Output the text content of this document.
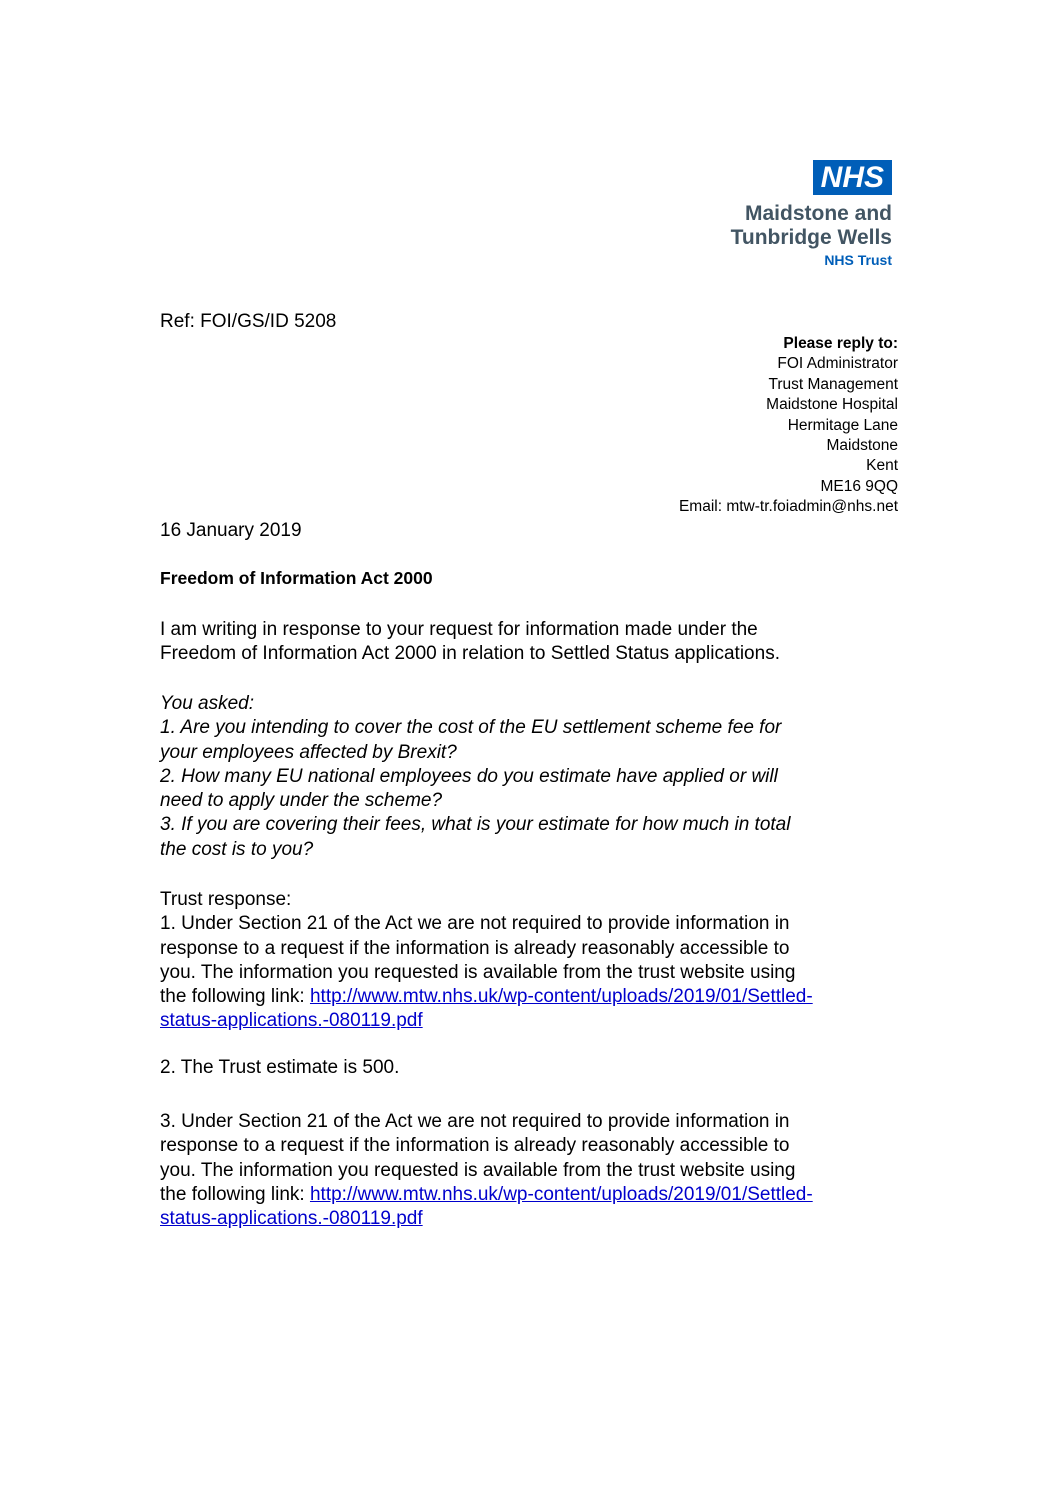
NHS
Maidstone and
Tunbridge Wells
NHS Trust
Ref: FOI/GS/ID 5208
Please reply to:
FOI Administrator
Trust Management
Maidstone Hospital
Hermitage Lane
Maidstone
Kent
ME16 9QQ
Email: mtw-tr.foiadmin@nhs.net
16 January 2019
Freedom of Information Act 2000
I am writing in response to your request for information made under the
Freedom of Information Act 2000 in relation to Settled Status applications.
You asked:
1. Are you intending to cover the cost of the EU settlement scheme fee for
your employees affected by Brexit?
2. How many EU national employees do you estimate have applied or will
need to apply under the scheme?
3. If you are covering their fees, what is your estimate for how much in total
the cost is to you?
Trust response:
1. Under Section 21 of the Act we are not required to provide information in
response to a request if the information is already reasonably accessible to
you. The information you requested is available from the trust website using
the following link: http://www.mtw.nhs.uk/wp-content/uploads/2019/01/Settled-
status-applications.-080119.pdf
2. The Trust estimate is 500.
3. Under Section 21 of the Act we are not required to provide information in
response to a request if the information is already reasonably accessible to
you. The information you requested is available from the trust website using
the following link: http://www.mtw.nhs.uk/wp-content/uploads/2019/01/Settled-
status-applications.-080119.pdf
